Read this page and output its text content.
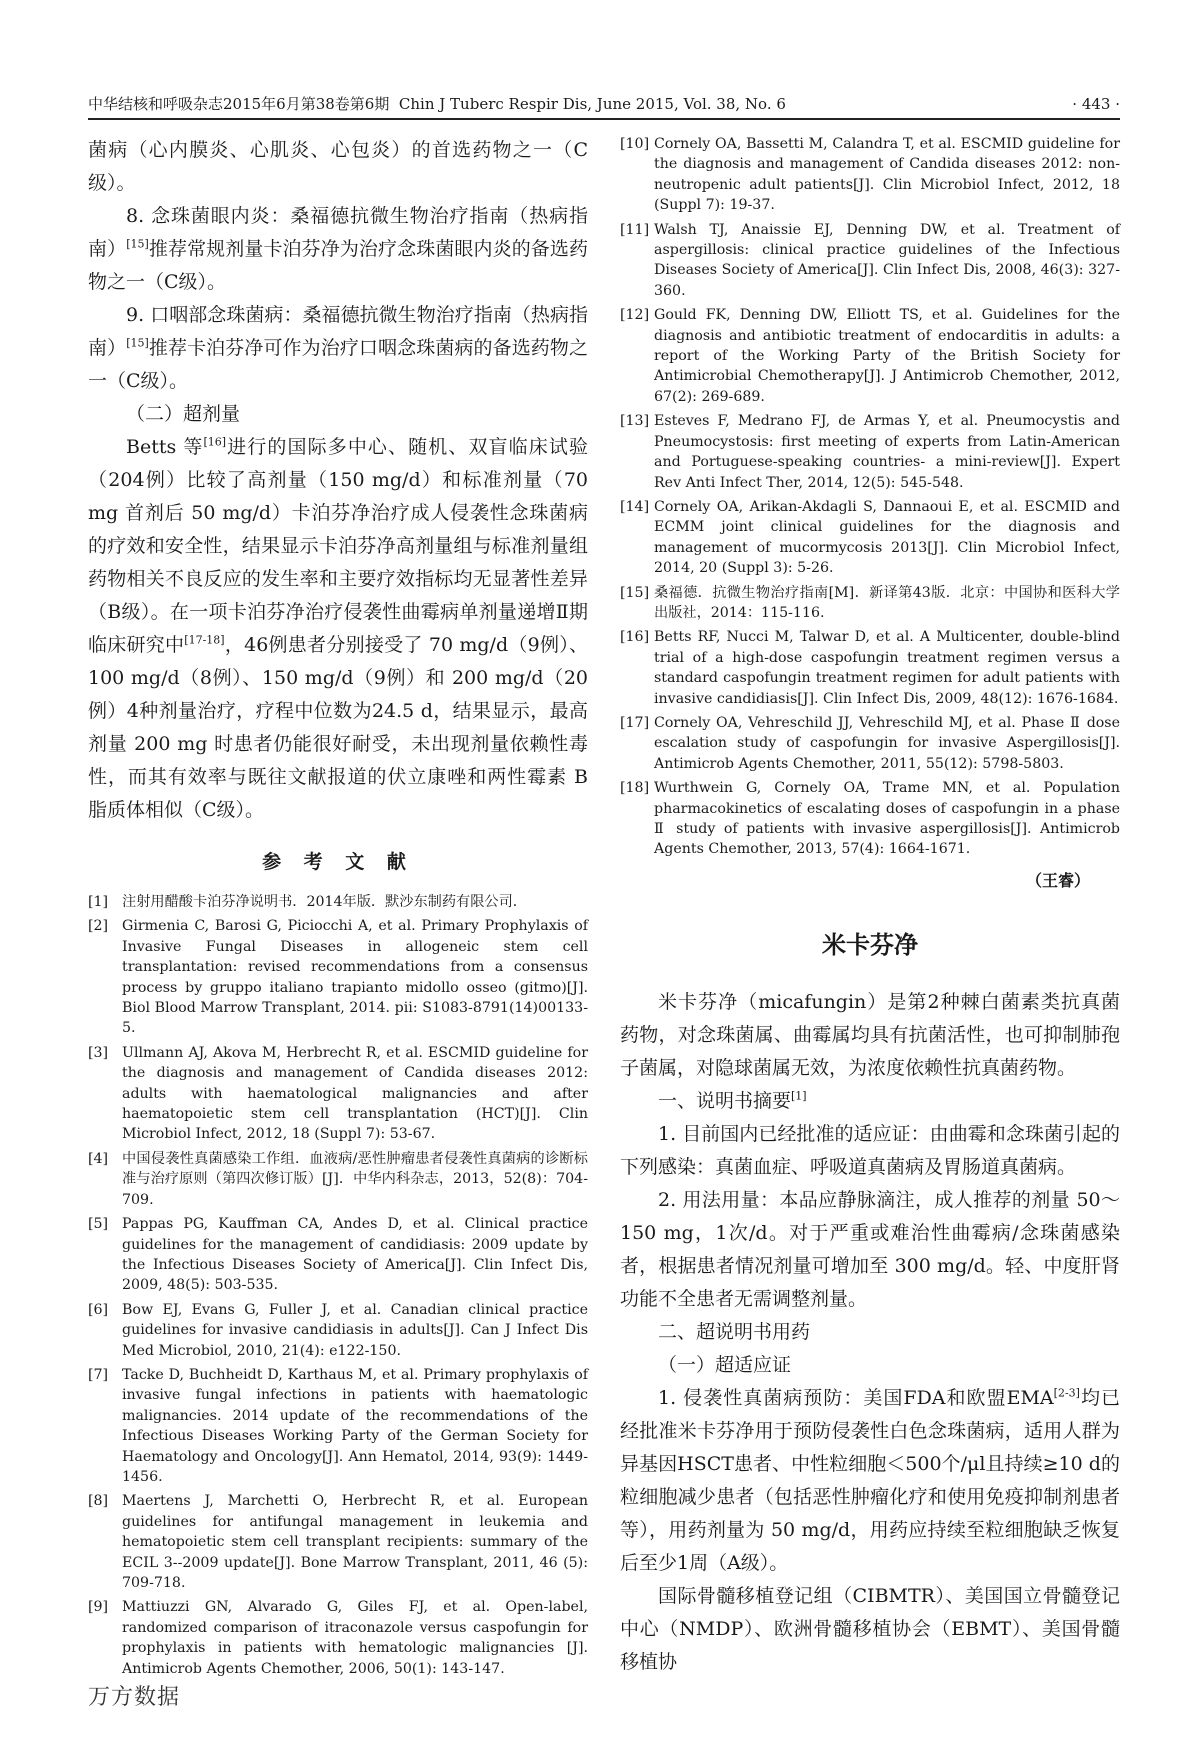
中华结核和呼吸杂志2015年6月第38卷第6期 Chin J Tuberc Respir Dis, June 2015, Vol. 38, No. 6	· 443 ·

菌病（心内膜炎、心肌炎、心包炎）的首选药物之一（C级）。

8. 念珠菌眼内炎：桑福德抗微生物治疗指南（热病指南）[15]推荐常规剂量卡泊芬净为治疗念珠菌眼内炎的备选药物之一（C级）。

9. 口咽部念珠菌病：桑福德抗微生物治疗指南（热病指南）[15]推荐卡泊芬净可作为治疗口咽念珠菌病的备选药物之一（C级）。

（二）超剂量

Betts 等[16]进行的国际多中心、随机、双盲临床试验（204例）比较了高剂量（150 mg/d）和标准剂量（70 mg 首剂后 50 mg/d）卡泊芬净治疗成人侵袭性念珠菌病的疗效和安全性，结果显示卡泊芬净高剂量组与标准剂量组药物相关不良反应的发生率和主要疗效指标均无显著性差异（B级）。在一项卡泊芬净治疗侵袭性曲霉病单剂量递增Ⅱ期临床研究中[17-18]，46例患者分别接受了 70 mg/d（9例）、100 mg/d（8例）、150 mg/d（9例）和 200 mg/d（20例）4种剂量治疗，疗程中位数为24.5 d，结果显示，最高剂量 200 mg 时患者仍能很好耐受，未出现剂量依赖性毒性，而其有效率与既往文献报道的伏立康唑和两性霉素 B 脂质体相似（C级）。

参 考 文 献
[1] 注射用醋酸卡泊芬净说明书．2014年版．默沙东制药有限公司．
[2] Girmenia C, Barosi G, Piciocchi A, et al. Primary Prophylaxis of Invasive Fungal Diseases in allogeneic stem cell transplantation: revised recommendations from a consensus process by gruppo italiano trapianto midollo osseo (gitmo)[J]. Biol Blood Marrow Transplant, 2014. pii: S1083-8791(14)00133-5.
[3] Ullmann AJ, Akova M, Herbrecht R, et al. ESCMID guideline for the diagnosis and management of Candida diseases 2012: adults with haematological malignancies and after haematopoietic stem cell transplantation (HCT)[J]. Clin Microbiol Infect, 2012, 18 (Suppl 7): 53-67.
[4] 中国侵袭性真菌感染工作组．血液病/恶性肿瘤患者侵袭性真菌病的诊断标准与治疗原则（第四次修订版）[J]．中华内科杂志，2013，52(8)：704-709.
[5] Pappas PG, Kauffman CA, Andes D, et al. Clinical practice guidelines for the management of candidiasis: 2009 update by the Infectious Diseases Society of America[J]. Clin Infect Dis, 2009, 48(5): 503-535.
[6] Bow EJ, Evans G, Fuller J, et al. Canadian clinical practice guidelines for invasive candidiasis in adults[J]. Can J Infect Dis Med Microbiol, 2010, 21(4): e122-150.
[7] Tacke D, Buchheidt D, Karthaus M, et al. Primary prophylaxis of invasive fungal infections in patients with haematologic malignancies. 2014 update of the recommendations of the Infectious Diseases Working Party of the German Society for Haematology and Oncology[J]. Ann Hematol, 2014, 93(9): 1449-1456.
[8] Maertens J, Marchetti O, Herbrecht R, et al. European guidelines for antifungal management in leukemia and hematopoietic stem cell transplant recipients: summary of the ECIL 3--2009 update[J]. Bone Marrow Transplant, 2011, 46 (5): 709-718.
[9] Mattiuzzi GN, Alvarado G, Giles FJ, et al. Open-label, randomized comparison of itraconazole versus caspofungin for prophylaxis in patients with hematologic malignancies [J]. Antimicrob Agents Chemother, 2006, 50(1): 143-147.
[10] Cornely OA, Bassetti M, Calandra T, et al. ESCMID guideline for the diagnosis and management of Candida diseases 2012: non-neutropenic adult patients[J]. Clin Microbiol Infect, 2012, 18 (Suppl 7): 19-37.
[11] Walsh TJ, Anaissie EJ, Denning DW, et al. Treatment of aspergillosis: clinical practice guidelines of the Infectious Diseases Society of America[J]. Clin Infect Dis, 2008, 46(3): 327-360.
[12] Gould FK, Denning DW, Elliott TS, et al. Guidelines for the diagnosis and antibiotic treatment of endocarditis in adults: a report of the Working Party of the British Society for Antimicrobial Chemotherapy[J]. J Antimicrob Chemother, 2012, 67(2): 269-689.
[13] Esteves F, Medrano FJ, de Armas Y, et al. Pneumocystis and Pneumocystosis: first meeting of experts from Latin-American and Portuguese-speaking countries- a mini-review[J]. Expert Rev Anti Infect Ther, 2014, 12(5): 545-548.
[14] Cornely OA, Arikan-Akdagli S, Dannaoui E, et al. ESCMID and ECMM joint clinical guidelines for the diagnosis and management of mucormycosis 2013[J]. Clin Microbiol Infect, 2014, 20 (Suppl 3): 5-26.
[15] 桑福德．抗微生物治疗指南[M]．新译第43版．北京：中国协和医科大学出版社，2014：115-116.
[16] Betts RF, Nucci M, Talwar D, et al. A Multicenter, double-blind trial of a high-dose caspofungin treatment regimen versus a standard caspofungin treatment regimen for adult patients with invasive candidiasis[J]. Clin Infect Dis, 2009, 48(12): 1676-1684.
[17] Cornely OA, Vehreschild JJ, Vehreschild MJ, et al. Phase Ⅱ dose escalation study of caspofungin for invasive Aspergillosis[J]. Antimicrob Agents Chemother, 2011, 55(12): 5798-5803.
[18] Wurthwein G, Cornely OA, Trame MN, et al. Population pharmacokinetics of escalating doses of caspofungin in a phase Ⅱ study of patients with invasive aspergillosis[J]. Antimicrob Agents Chemother, 2013, 57(4): 1664-1671.
（王睿）
米卡芬净

米卡芬净（micafungin）是第2种棘白菌素类抗真菌药物，对念珠菌属、曲霉属均具有抗菌活性，也可抑制肺孢子菌属，对隐球菌属无效，为浓度依赖性抗真菌药物。

一、说明书摘要[1]

1. 目前国内已经批准的适应证：由曲霉和念珠菌引起的下列感染：真菌血症、呼吸道真菌病及胃肠道真菌病。

2. 用法用量：本品应静脉滴注，成人推荐的剂量 50～150 mg，1次/d。对于严重或难治性曲霉病/念珠菌感染者，根据患者情况剂量可增加至 300 mg/d。轻、中度肝肾功能不全患者无需调整剂量。

二、超说明书用药

（一）超适应证

1. 侵袭性真菌病预防：美国FDA和欧盟EMA[2-3]均已经批准米卡芬净用于预防侵袭性白色念珠菌病，适用人群为异基因HSCT患者、中性粒细胞＜500个/μl且持续≥10 d的粒细胞减少患者（包括恶性肿瘤化疗和使用免疫抑制剂患者等），用药剂量为 50 mg/d，用药应持续至粒细胞缺乏恢复后至少1周（A级）。

国际骨髓移植登记组（CIBMTR）、美国国立骨髓登记中心（NMDP）、欧洲骨髓移植协会（EBMT）、美国骨髓移植协

万方数据
